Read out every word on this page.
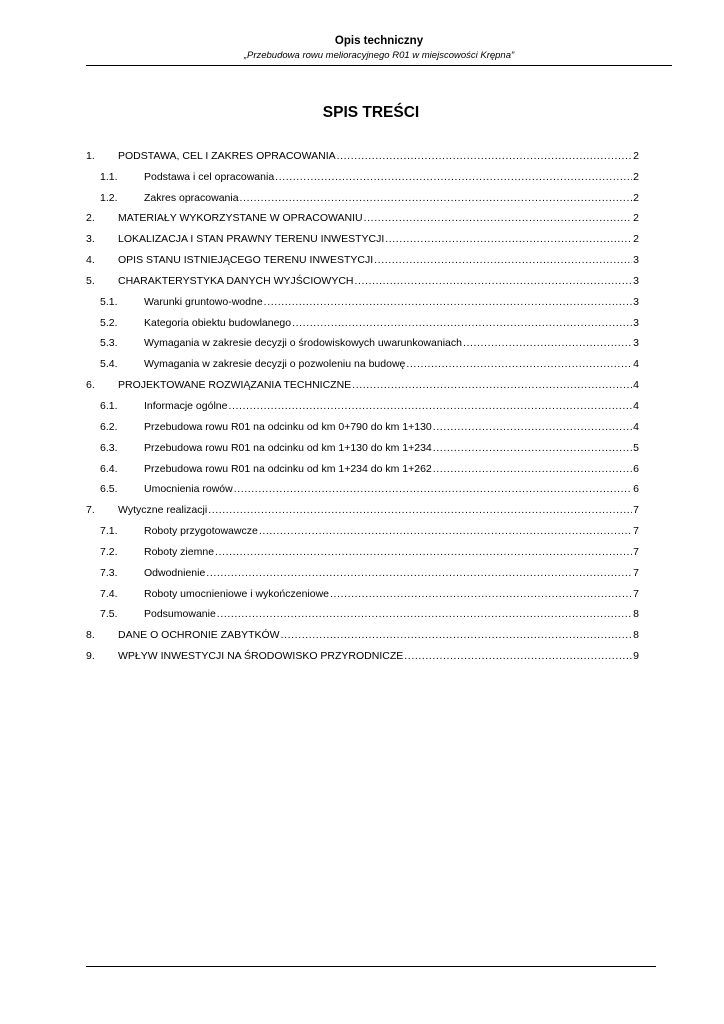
Opis techniczny
„Przebudowa rowu melioracyjnego R01 w miejscowości Krępna”
SPIS TREŚCI
1.	PODSTAWA, CEL I ZAKRES OPRACOWANIA .....	2
1.1.	Podstawa i cel opracowania .....	2
1.2.	Zakres opracowania .....	2
2.	MATERIAŁY WYKORZYSTANE W OPRACOWANIU .....	2
3.	LOKALIZACJA I STAN PRAWNY TERENU INWESTYCJI .....	2
4.	OPIS STANU ISTNIEJĄCEGO TERENU INWESTYCJI .....	3
5.	CHARAKTERYSTYKA DANYCH WYJŚCIOWYCH .....	3
5.1.	Warunki gruntowo-wodne .....	3
5.2.	Kategoria obiektu budowlanego .....	3
5.3.	Wymagania w zakresie decyzji o środowiskowych uwarunkowaniach .....	3
5.4.	Wymagania w zakresie decyzji o pozwoleniu na budowę .....	4
6.	PROJEKTOWANE ROZWIĄZANIA TECHNICZNE .....	4
6.1.	Informacje ogólne .....	4
6.2.	Przebudowa rowu R01 na odcinku od km 0+790 do km 1+130 .....	4
6.3.	Przebudowa rowu R01 na odcinku od km 1+130 do km 1+234 .....	5
6.4.	Przebudowa rowu R01 na odcinku od km 1+234 do km 1+262 .....	6
6.5.	Umocnienia rowów .....	6
7.	Wytyczne realizacji .....	7
7.1.	Roboty przygotowawcze .....	7
7.2.	Roboty ziemne .....	7
7.3.	Odwodnienie .....	7
7.4.	Roboty umocnieniowe i wykończeniowe .....	7
7.5.	Podsumowanie .....	8
8.	DANE O OCHRONIE ZABYTKÓW .....	8
9.	WPŁYW INWESTYCJI NA ŚRODOWISKO PRZYRODNICZE .....	9
